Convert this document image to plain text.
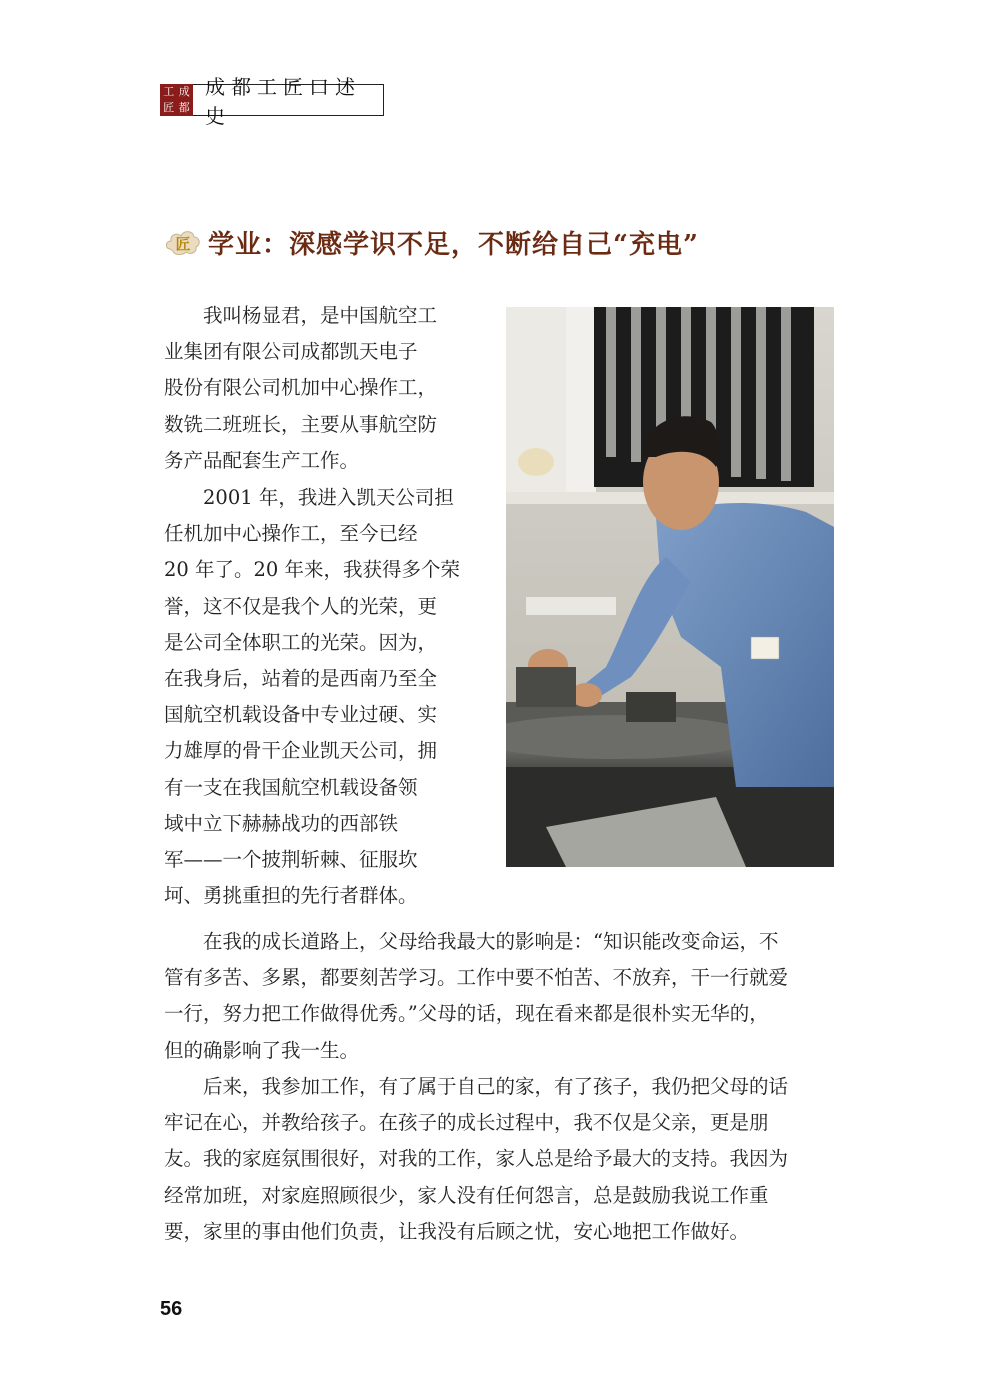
工 成
匠 都
成都工匠口述史
匠 学业：深感学识不足，不断给自己“充电”

　　我叫杨显君，是中国航空工
业集团有限公司成都凯天电子
股份有限公司机加中心操作工，
数铣二班班长，主要从事航空防
务产品配套生产工作。

　　2001 年，我进入凯天公司担
任机加中心操作工，至今已经
20 年了。20 年来，我获得多个荣
誉，这不仅是我个人的光荣，更
是公司全体职工的光荣。因为，
在我身后，站着的是西南乃至全
国航空机载设备中专业过硬、实
力雄厚的骨干企业凯天公司，拥
有一支在我国航空机载设备领
域中立下赫赫战功的西部铁
军——一个披荆斩棘、征服坎
坷、勇挑重担的先行者群体。

　　在我的成长道路上，父母给我最大的影响是：“知识能改变命运，不
管有多苦、多累，都要刻苦学习。工作中要不怕苦、不放弃，干一行就爱
一行，努力把工作做得优秀。”父母的话，现在看来都是很朴实无华的，
但的确影响了我一生。

　　后来，我参加工作，有了属于自己的家，有了孩子，我仍把父母的话
牢记在心，并教给孩子。在孩子的成长过程中，我不仅是父亲，更是朋
友。我的家庭氛围很好，对我的工作，家人总是给予最大的支持。我因为
经常加班，对家庭照顾很少，家人没有任何怨言，总是鼓励我说工作重
要，家里的事由他们负责，让我没有后顾之忧，安心地把工作做好。

56
